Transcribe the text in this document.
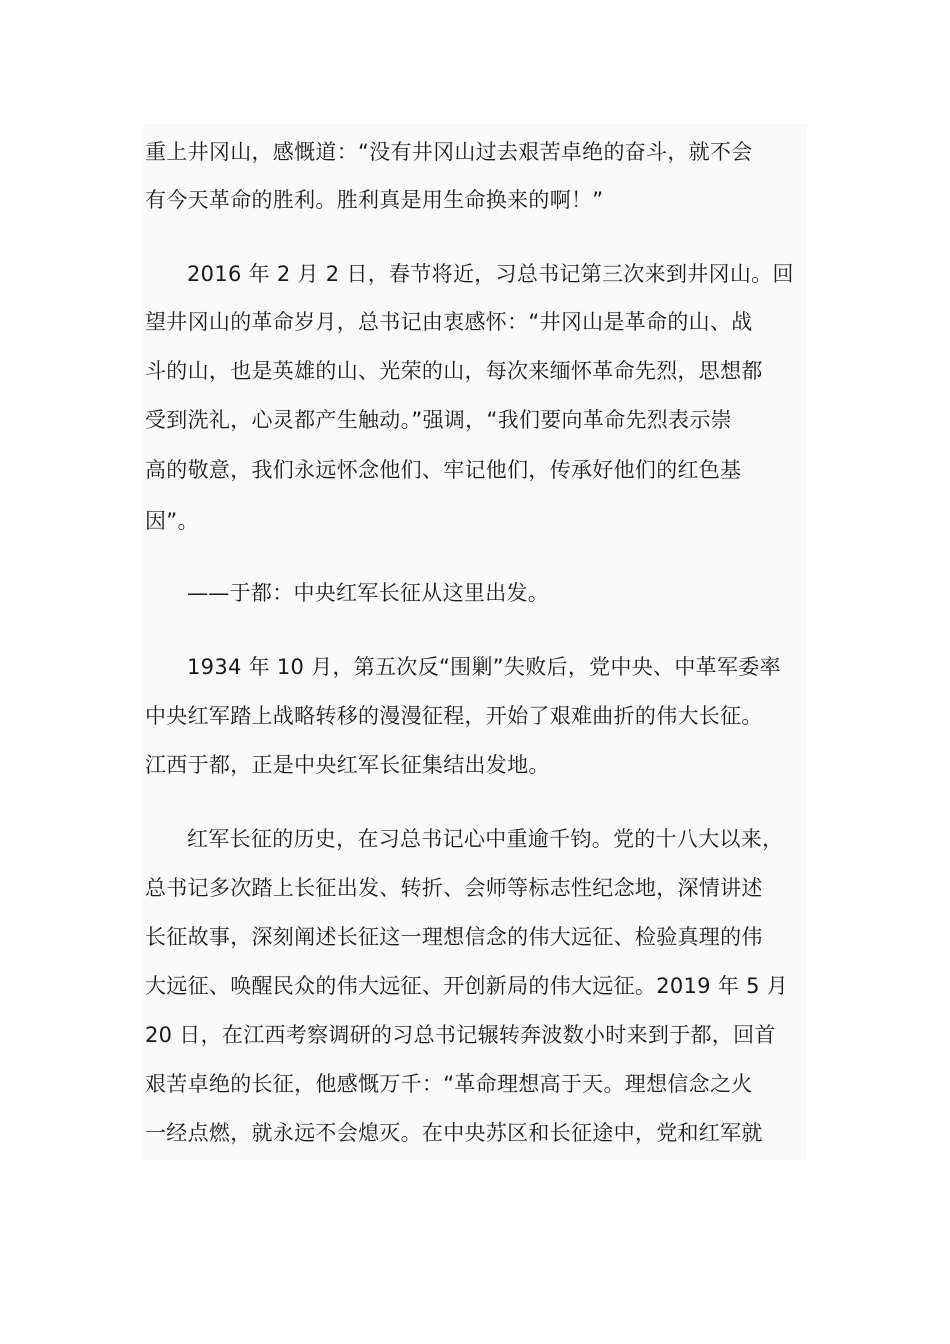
重上井冈山，感慨道：“没有井冈山过去艰苦卓绝的奋斗，就不会
有今天革命的胜利。胜利真是用生命换来的啊！”
2016 年 2 月 2 日，春节将近，习总书记第三次来到井冈山。回
望井冈山的革命岁月，总书记由衷感怀：“井冈山是革命的山、战
斗的山，也是英雄的山、光荣的山，每次来缅怀革命先烈，思想都
受到洗礼，心灵都产生触动。”强调，“我们要向革命先烈表示崇
高的敬意，我们永远怀念他们、牢记他们，传承好他们的红色基
因”。
——于都：中央红军长征从这里出发。
1934 年 10 月，第五次反“围剿”失败后，党中央、中革军委率
中央红军踏上战略转移的漫漫征程，开始了艰难曲折的伟大长征。
江西于都，正是中央红军长征集结出发地。
红军长征的历史，在习总书记心中重逾千钧。党的十八大以来，
总书记多次踏上长征出发、转折、会师等标志性纪念地，深情讲述
长征故事，深刻阐述长征这一理想信念的伟大远征、检验真理的伟
大远征、唤醒民众的伟大远征、开创新局的伟大远征。2019 年 5 月
20 日，在江西考察调研的习总书记辗转奔波数小时来到于都，回首
艰苦卓绝的长征，他感慨万千：“革命理想高于天。理想信念之火
一经点燃，就永远不会熄灭。在中央苏区和长征途中，党和红军就
